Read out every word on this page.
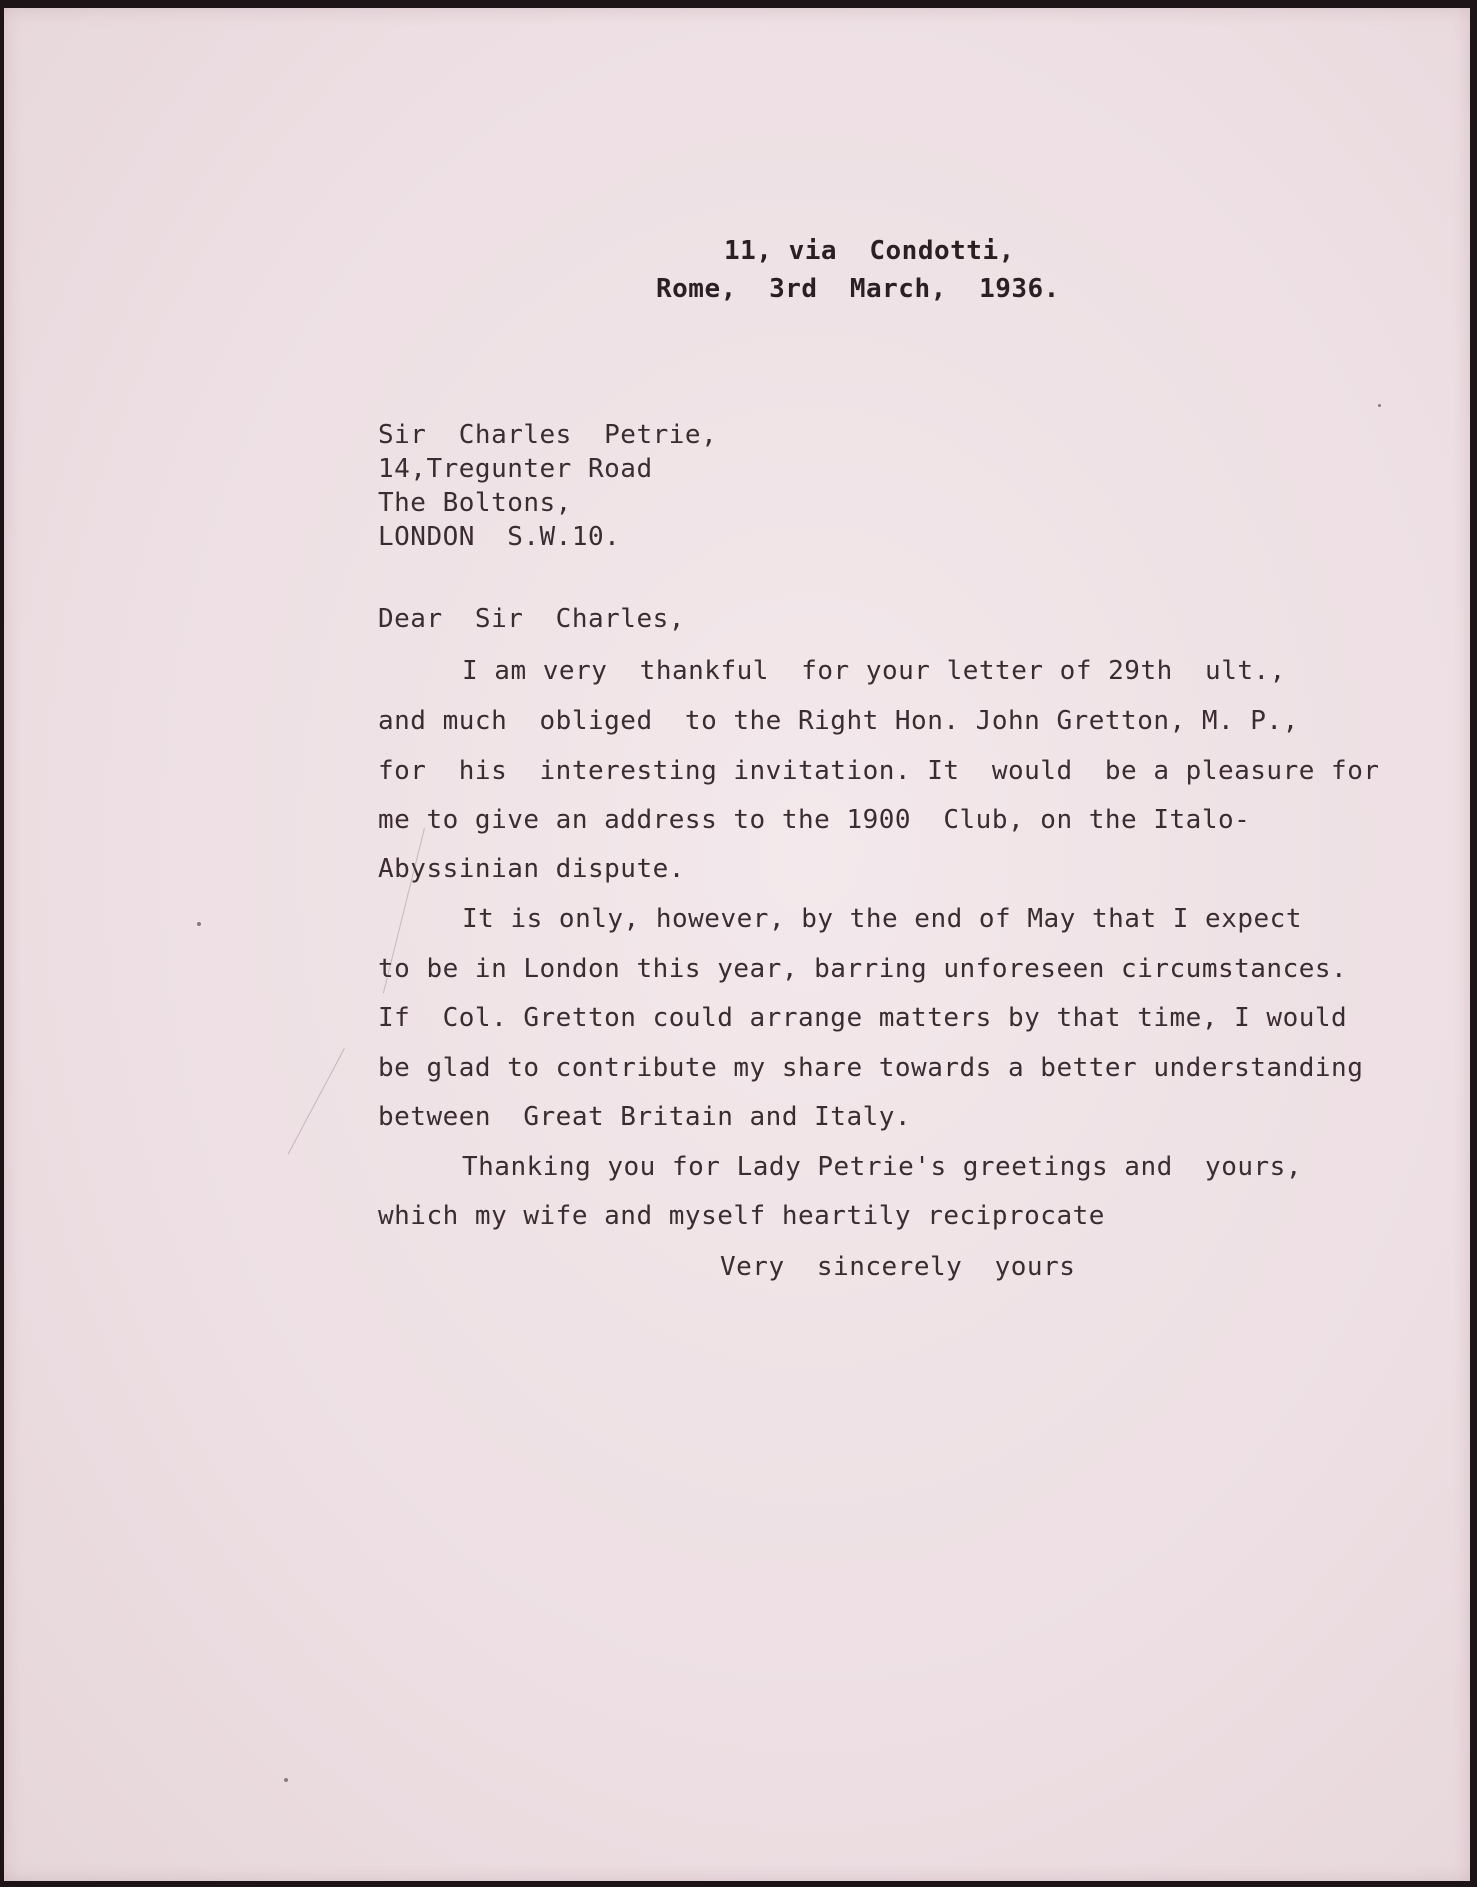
11, via  Condotti,
Rome,  3rd  March,  1936.
Sir  Charles  Petrie,
14,Tregunter Road
The Boltons,
LONDON  S.W.10.
Dear  Sir  Charles,
I am very  thankful  for your letter of 29th  ult.,
and much  obliged  to the Right Hon. John Gretton, M. P.,
for  his  interesting invitation. It  would  be a pleasure for
me to give an address to the 1900  Club, on the Italo-
Abyssinian dispute.
It is only, however, by the end of May that I expect
to be in London this year, barring unforeseen circumstances.
If  Col. Gretton could arrange matters by that time, I would
be glad to contribute my share towards a better understanding
between  Great Britain and Italy.
Thanking you for Lady Petrie's greetings and  yours,
which my wife and myself heartily reciprocate
Very  sincerely  yours
